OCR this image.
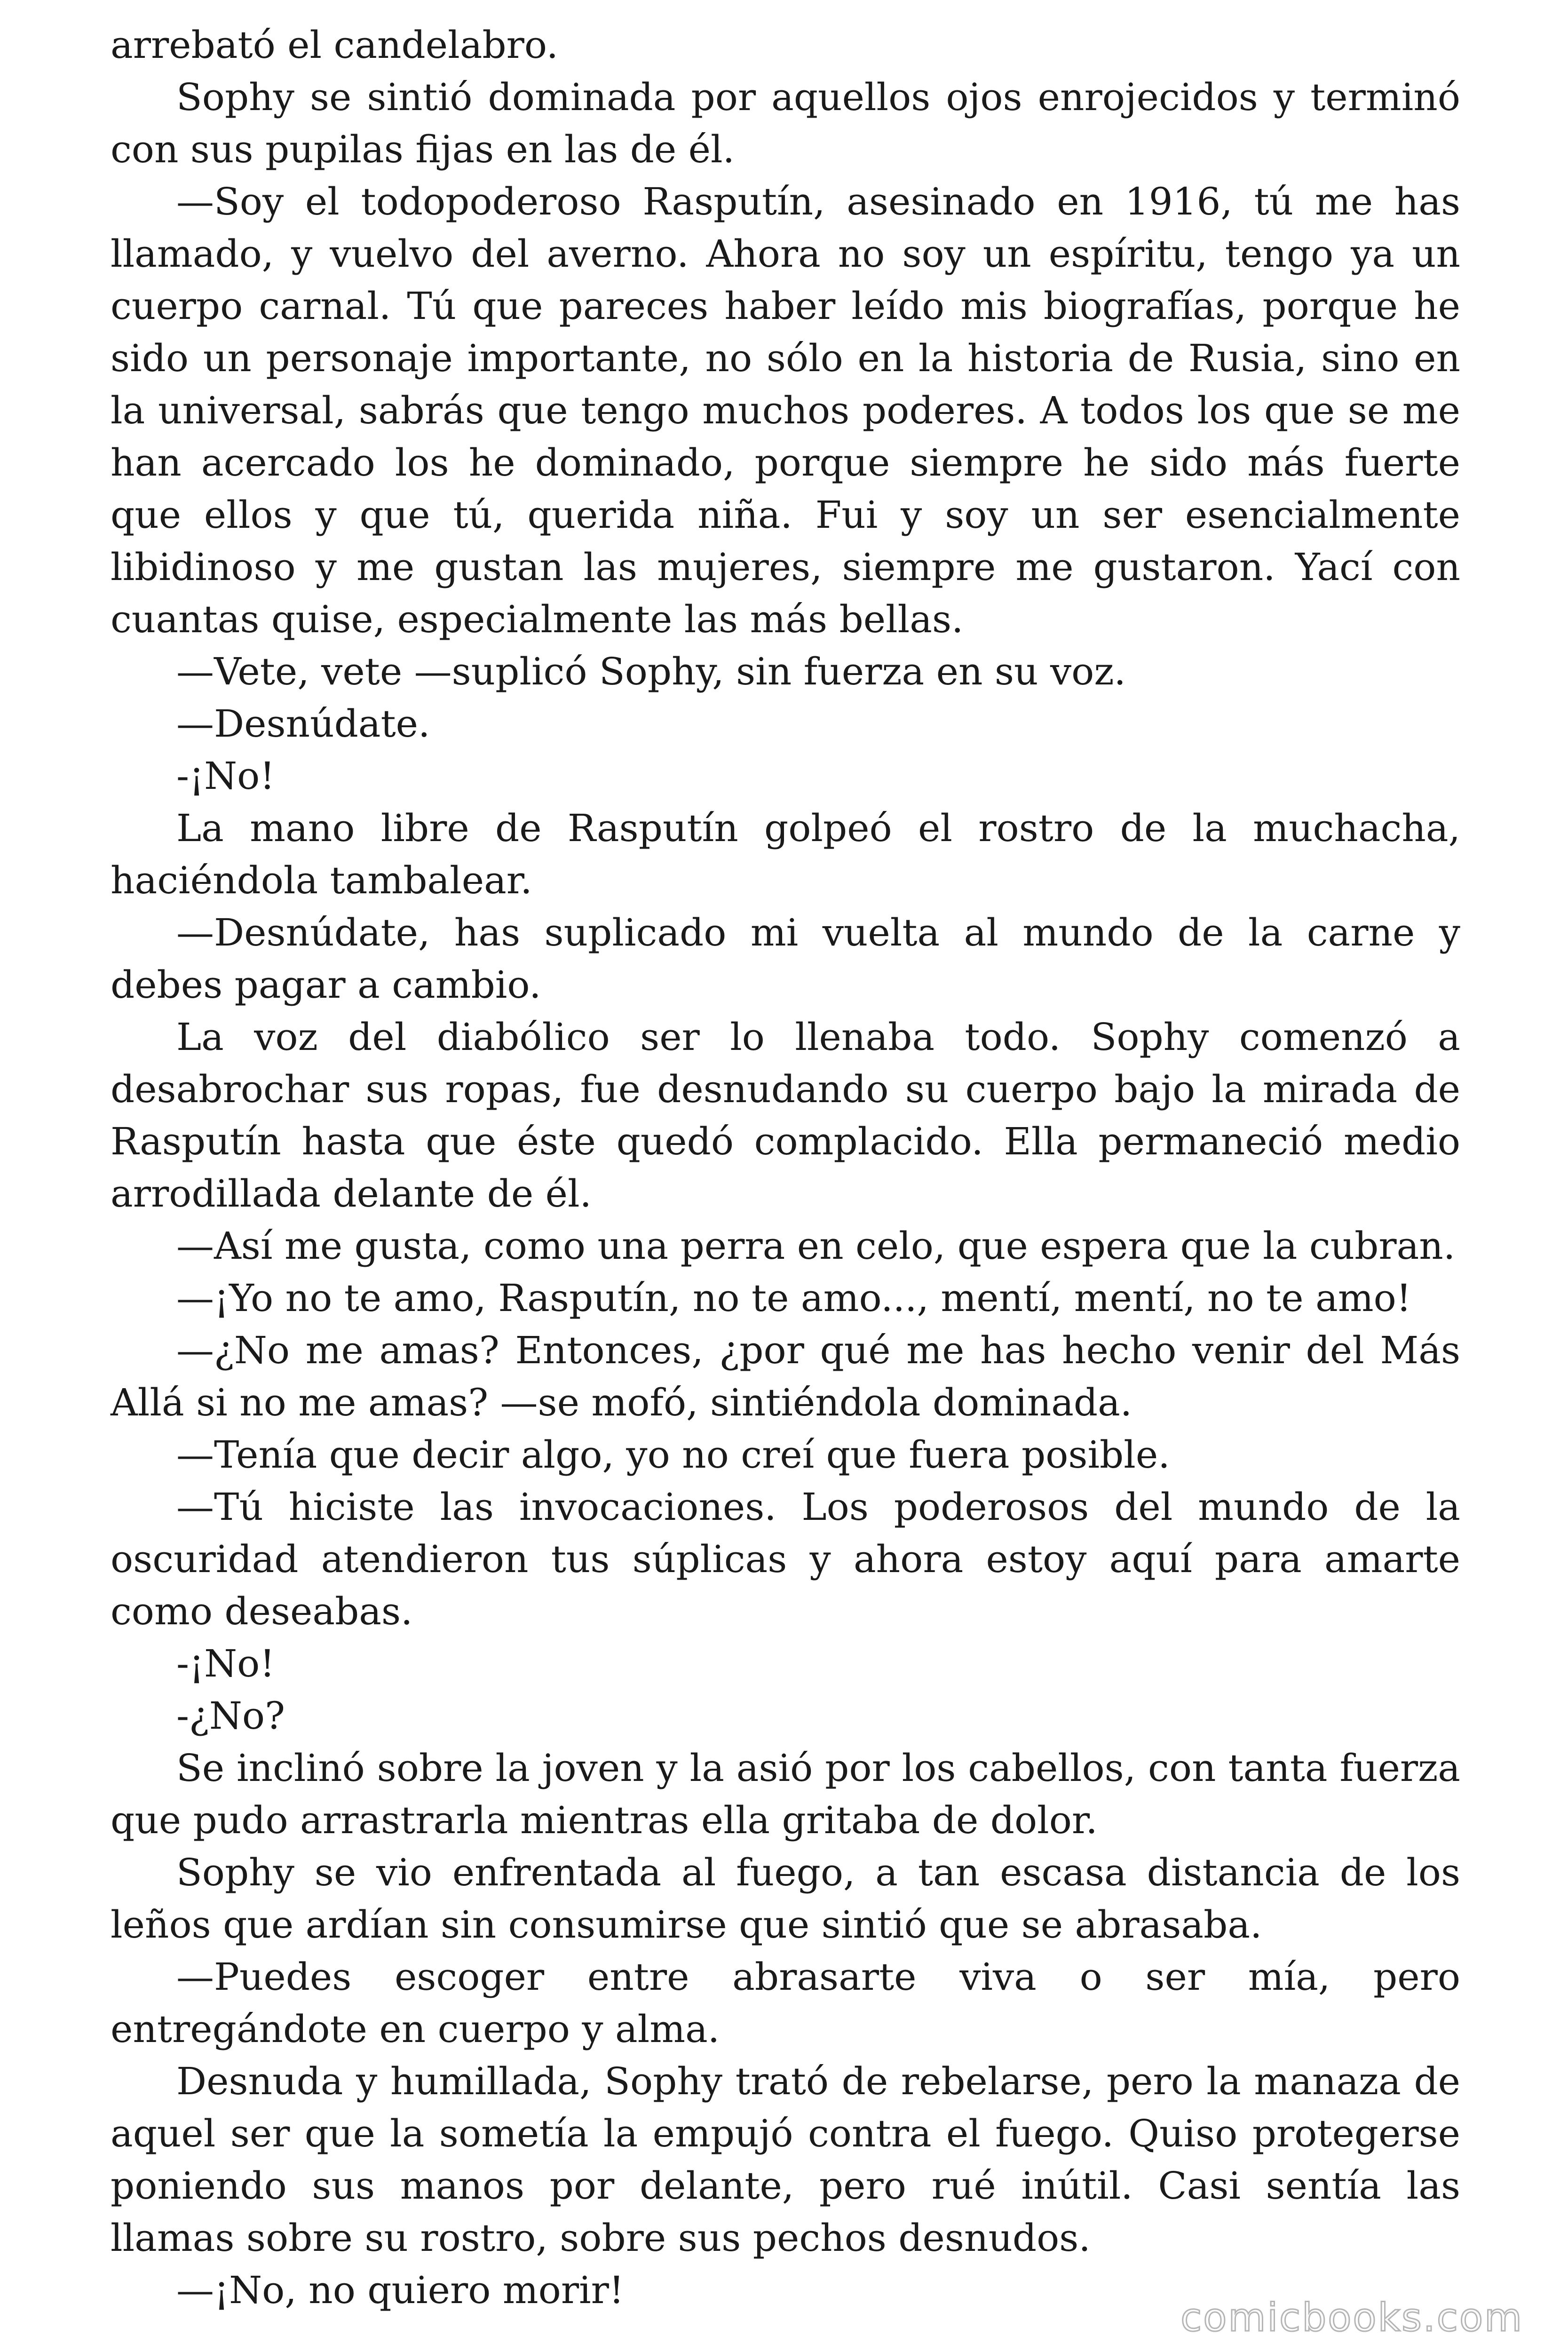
arrebató el candelabro.

Sophy se sintió dominada por aquellos ojos enrojecidos y terminó con sus pupilas fijas en las de él.

—Soy el todopoderoso Rasputín, asesinado en 1916, tú me has llamado, y vuelvo del averno. Ahora no soy un espíritu, tengo ya un cuerpo carnal. Tú que pareces haber leído mis biografías, porque he sido un personaje importante, no sólo en la historia de Rusia, sino en la universal, sabrás que tengo muchos poderes. A todos los que se me han acercado los he dominado, porque siempre he sido más fuerte que ellos y que tú, querida niña. Fui y soy un ser esencialmente libidinoso y me gustan las mujeres, siempre me gustaron. Yací con cuantas quise, especialmente las más bellas.

—Vete, vete —suplicó Sophy, sin fuerza en su voz.

—Desnúdate.

-¡No!

La mano libre de Rasputín golpeó el rostro de la muchacha, haciéndola tambalear.

—Desnúdate, has suplicado mi vuelta al mundo de la carne y debes pagar a cambio.

La voz del diabólico ser lo llenaba todo. Sophy comenzó a desabrochar sus ropas, fue desnudando su cuerpo bajo la mirada de Rasputín hasta que éste quedó complacido. Ella permaneció medio arrodillada delante de él.

—Así me gusta, como una perra en celo, que espera que la cubran.

—¡Yo no te amo, Rasputín, no te amo..., mentí, mentí, no te amo!

—¿No me amas? Entonces, ¿por qué me has hecho venir del Más Allá si no me amas? —se mofó, sintiéndola dominada.

—Tenía que decir algo, yo no creí que fuera posible.

—Tú hiciste las invocaciones. Los poderosos del mundo de la oscuridad atendieron tus súplicas y ahora estoy aquí para amarte como deseabas.

-¡No!

-¿No?

Se inclinó sobre la joven y la asió por los cabellos, con tanta fuerza que pudo arrastrarla mientras ella gritaba de dolor.

Sophy se vio enfrentada al fuego, a tan escasa distancia de los leños que ardían sin consumirse que sintió que se abrasaba.

—Puedes escoger entre abrasarte viva o ser mía, pero entregándote en cuerpo y alma.

Desnuda y humillada, Sophy trató de rebelarse, pero la manaza de aquel ser que la sometía la empujó contra el fuego. Quiso protegerse poniendo sus manos por delante, pero rué inútil. Casi sentía las llamas sobre su rostro, sobre sus pechos desnudos.

—¡No, no quiero morir!

comicbooks.com
